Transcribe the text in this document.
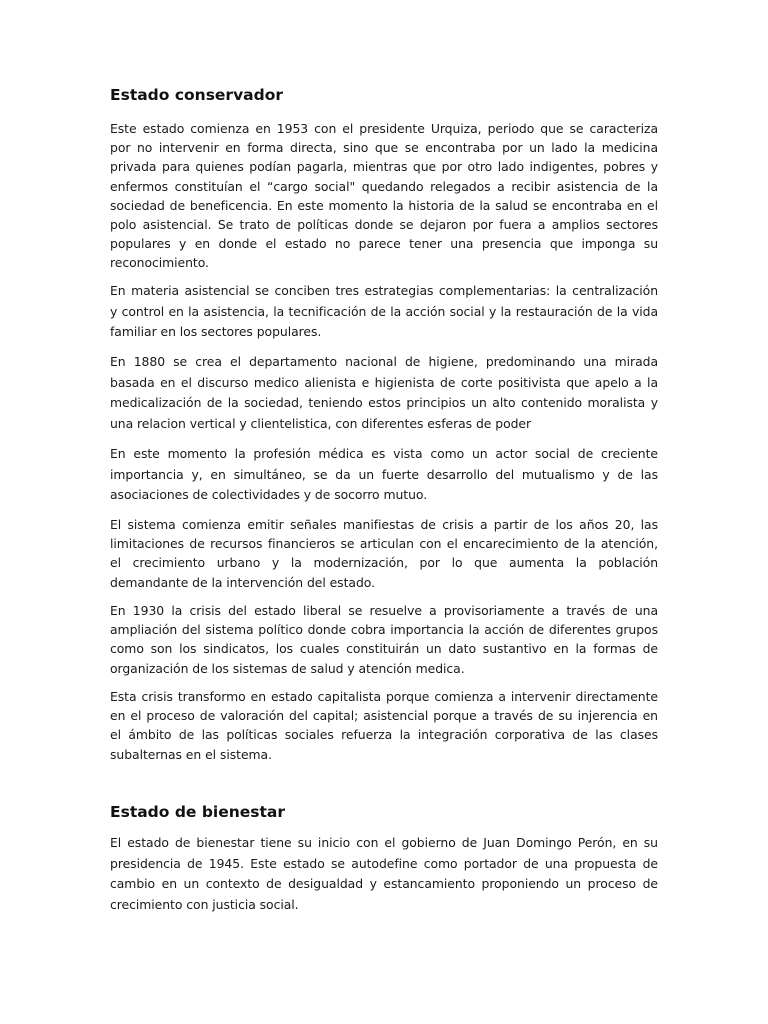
Estado conservador

Este estado comienza en 1953 con el presidente Urquiza, periodo que se caracteriza
por no intervenir en forma directa, sino que se encontraba por un lado la medicina
privada para quienes podían pagarla, mientras que por otro lado indigentes, pobres y
enfermos constituían el “cargo social" quedando relegados a recibir asistencia de la
sociedad de beneficencia. En este momento la historia de la salud se encontraba en el
polo asistencial. Se trato de políticas donde se dejaron por fuera a amplios sectores
populares y en donde el estado no parece tener una presencia que imponga su
reconocimiento.

En materia asistencial se conciben tres estrategias complementarias: la centralización
y control en la asistencia, la tecnificación de la acción social y la restauración de la vida
familiar en los sectores populares.

En 1880 se crea el departamento nacional de higiene, predominando una mirada
basada en el discurso medico alienista e higienista de corte positivista que apelo a la
medicalización de la sociedad, teniendo estos principios un alto contenido moralista y
una relacion vertical y clientelistica, con diferentes esferas de poder

En este momento la profesión médica es vista como un actor social de creciente
importancia y, en simultáneo, se da un fuerte desarrollo del mutualismo y de las
asociaciones de colectividades y de socorro mutuo.

El sistema comienza emitir señales manifiestas de crisis a partir de los años 20, las
limitaciones de recursos financieros se articulan con el encarecimiento de la atención,
el crecimiento urbano y la modernización, por lo que aumenta la población
demandante de la intervención del estado.

En 1930 la crisis del estado liberal se resuelve a provisoriamente a través de una
ampliación del sistema político donde cobra importancia la acción de diferentes grupos
como son los sindicatos, los cuales constituirán un dato sustantivo en la formas de
organización de los sistemas de salud y atención medica.

Esta crisis transformo en estado capitalista porque comienza a intervenir directamente
en el proceso de valoración del capital; asistencial porque a través de su injerencia en
el ámbito de las políticas sociales refuerza la integración corporativa de las clases
subalternas en el sistema.

Estado de bienestar

El estado de bienestar tiene su inicio con el gobierno de Juan Domingo Perón, en su
presidencia de 1945. Este estado se autodefine como portador de una propuesta de
cambio en un contexto de desigualdad y estancamiento proponiendo un proceso de
crecimiento con justicia social.
